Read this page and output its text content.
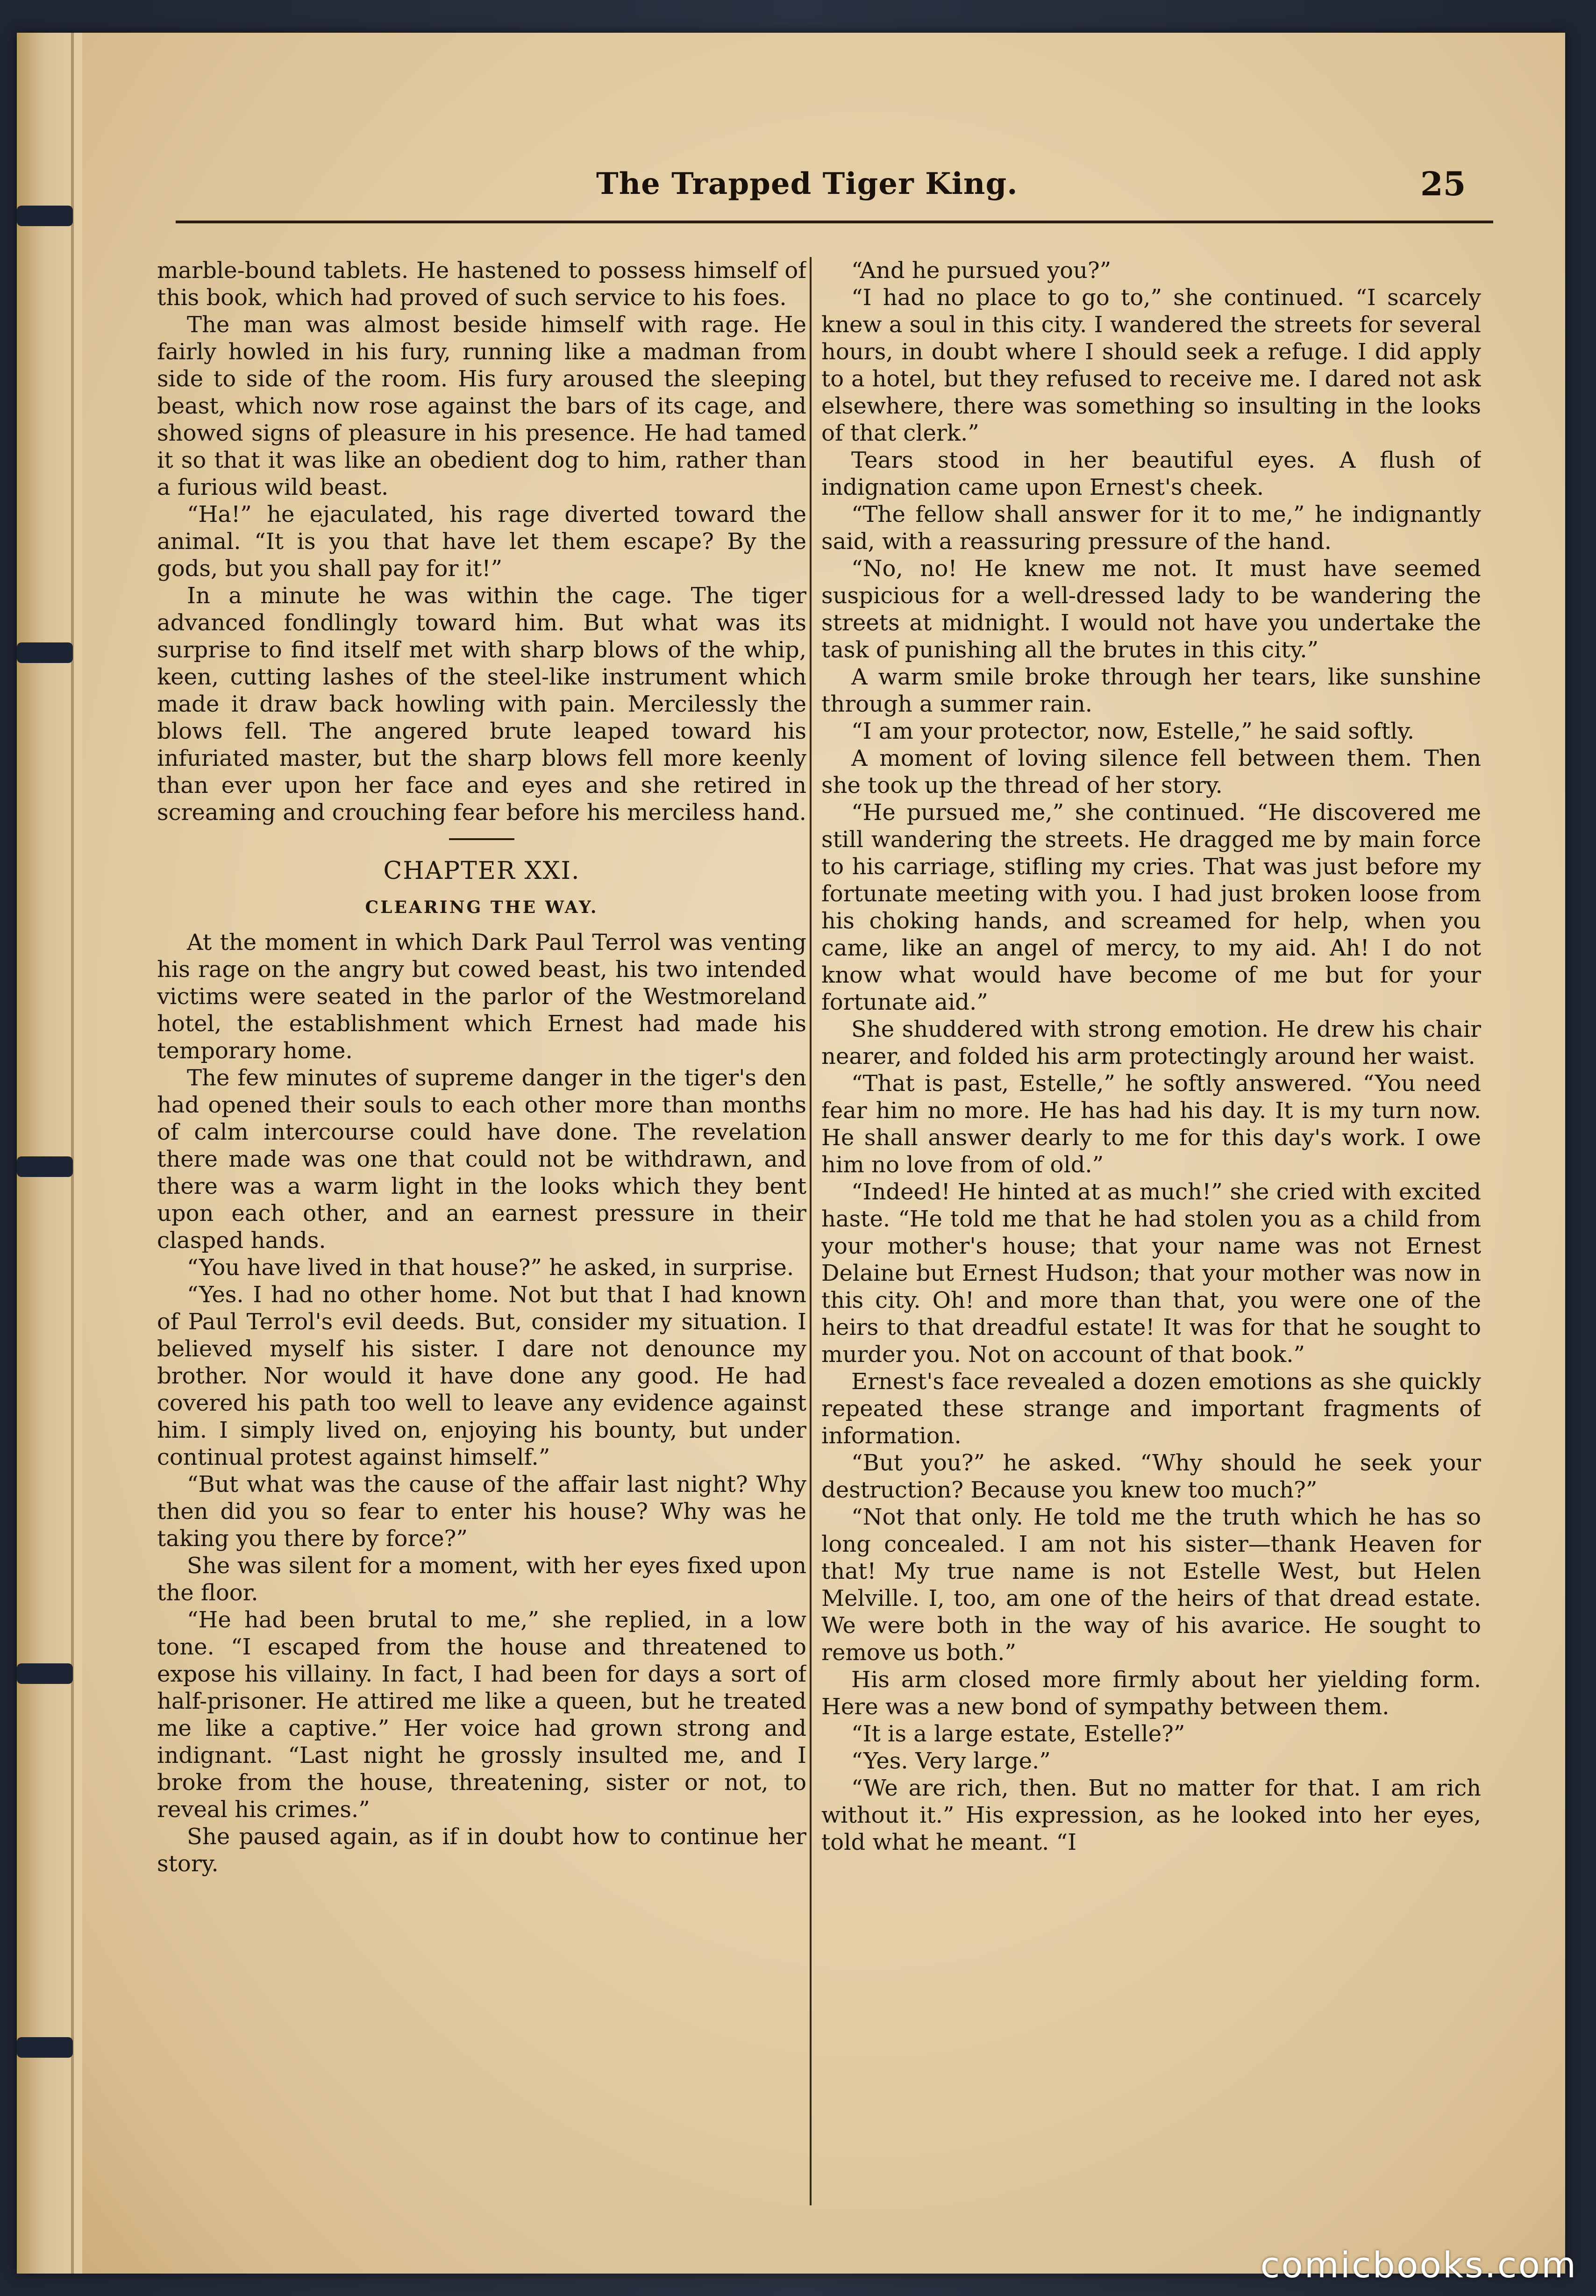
The Trapped Tiger King.	25

marble-bound tablets. He hastened to possess himself of this book, which had proved of such service to his foes.

The man was almost beside himself with rage. He fairly howled in his fury, running like a madman from side to side of the room. His fury aroused the sleeping beast, which now rose against the bars of its cage, and showed signs of pleasure in his presence. He had tamed it so that it was like an obedient dog to him, rather than a furious wild beast.

“Ha!” he ejaculated, his rage diverted toward the animal. “It is you that have let them escape? By the gods, but you shall pay for it!”

In a minute he was within the cage. The tiger advanced fondlingly toward him. But what was its surprise to find itself met with sharp blows of the whip, keen, cutting lashes of the steel-like instrument which made it draw back howling with pain. Mercilessly the blows fell. The angered brute leaped toward his infuriated master, but the sharp blows fell more keenly than ever upon her face and eyes and she retired in screaming and crouching fear before his merciless hand.

CHAPTER XXI.
CLEARING THE WAY.

At the moment in which Dark Paul Terrol was venting his rage on the angry but cowed beast, his two intended victims were seated in the parlor of the Westmoreland hotel, the establishment which Ernest had made his temporary home.

The few minutes of supreme danger in the tiger's den had opened their souls to each other more than months of calm intercourse could have done. The revelation there made was one that could not be withdrawn, and there was a warm light in the looks which they bent upon each other, and an earnest pressure in their clasped hands.

“You have lived in that house?” he asked, in surprise.

“Yes. I had no other home. Not but that I had known of Paul Terrol's evil deeds. But, consider my situation. I believed myself his sister. I dare not denounce my brother. Nor would it have done any good. He had covered his path too well to leave any evidence against him. I simply lived on, enjoying his bounty, but under continual protest against himself.”

“But what was the cause of the affair last night? Why then did you so fear to enter his house? Why was he taking you there by force?”

She was silent for a moment, with her eyes fixed upon the floor.

“He had been brutal to me,” she replied, in a low tone. “I escaped from the house and threatened to expose his villainy. In fact, I had been for days a sort of half-prisoner. He attired me like a queen, but he treated me like a captive.” Her voice had grown strong and indignant. “Last night he grossly insulted me, and I broke from the house, threatening, sister or not, to reveal his crimes.”

She paused again, as if in doubt how to continue her story.

“And he pursued you?”

“I had no place to go to,” she continued. “I scarcely knew a soul in this city. I wandered the streets for several hours, in doubt where I should seek a refuge. I did apply to a hotel, but they refused to receive me. I dared not ask elsewhere, there was something so insulting in the looks of that clerk.”

Tears stood in her beautiful eyes. A flush of indignation came upon Ernest's cheek.

“The fellow shall answer for it to me,” he indignantly said, with a reassuring pressure of the hand.

“No, no! He knew me not. It must have seemed suspicious for a well-dressed lady to be wandering the streets at midnight. I would not have you undertake the task of punishing all the brutes in this city.”

A warm smile broke through her tears, like sunshine through a summer rain.

“I am your protector, now, Estelle,” he said softly.

A moment of loving silence fell between them. Then she took up the thread of her story.

“He pursued me,” she continued. “He discovered me still wandering the streets. He dragged me by main force to his carriage, stifling my cries. That was just before my fortunate meeting with you. I had just broken loose from his choking hands, and screamed for help, when you came, like an angel of mercy, to my aid. Ah! I do not know what would have become of me but for your fortunate aid.”

She shuddered with strong emotion. He drew his chair nearer, and folded his arm protectingly around her waist.

“That is past, Estelle,” he softly answered. “You need fear him no more. He has had his day. It is my turn now. He shall answer dearly to me for this day's work. I owe him no love from of old.”

“Indeed! He hinted at as much!” she cried with excited haste. “He told me that he had stolen you as a child from your mother's house; that your name was not Ernest Delaine but Ernest Hudson; that your mother was now in this city. Oh! and more than that, you were one of the heirs to that dreadful estate! It was for that he sought to murder you. Not on account of that book.”

Ernest's face revealed a dozen emotions as she quickly repeated these strange and important fragments of information.

“But you?” he asked. “Why should he seek your destruction? Because you knew too much?”

“Not that only. He told me the truth which he has so long concealed. I am not his sister—thank Heaven for that! My true name is not Estelle West, but Helen Melville. I, too, am one of the heirs of that dread estate. We were both in the way of his avarice. He sought to remove us both.”

His arm closed more firmly about her yielding form. Here was a new bond of sympathy between them.

“It is a large estate, Estelle?”

“Yes. Very large.”

“We are rich, then. But no matter for that. I am rich without it.” His expression, as he looked into her eyes, told what he meant. “I

comicbooks.com
